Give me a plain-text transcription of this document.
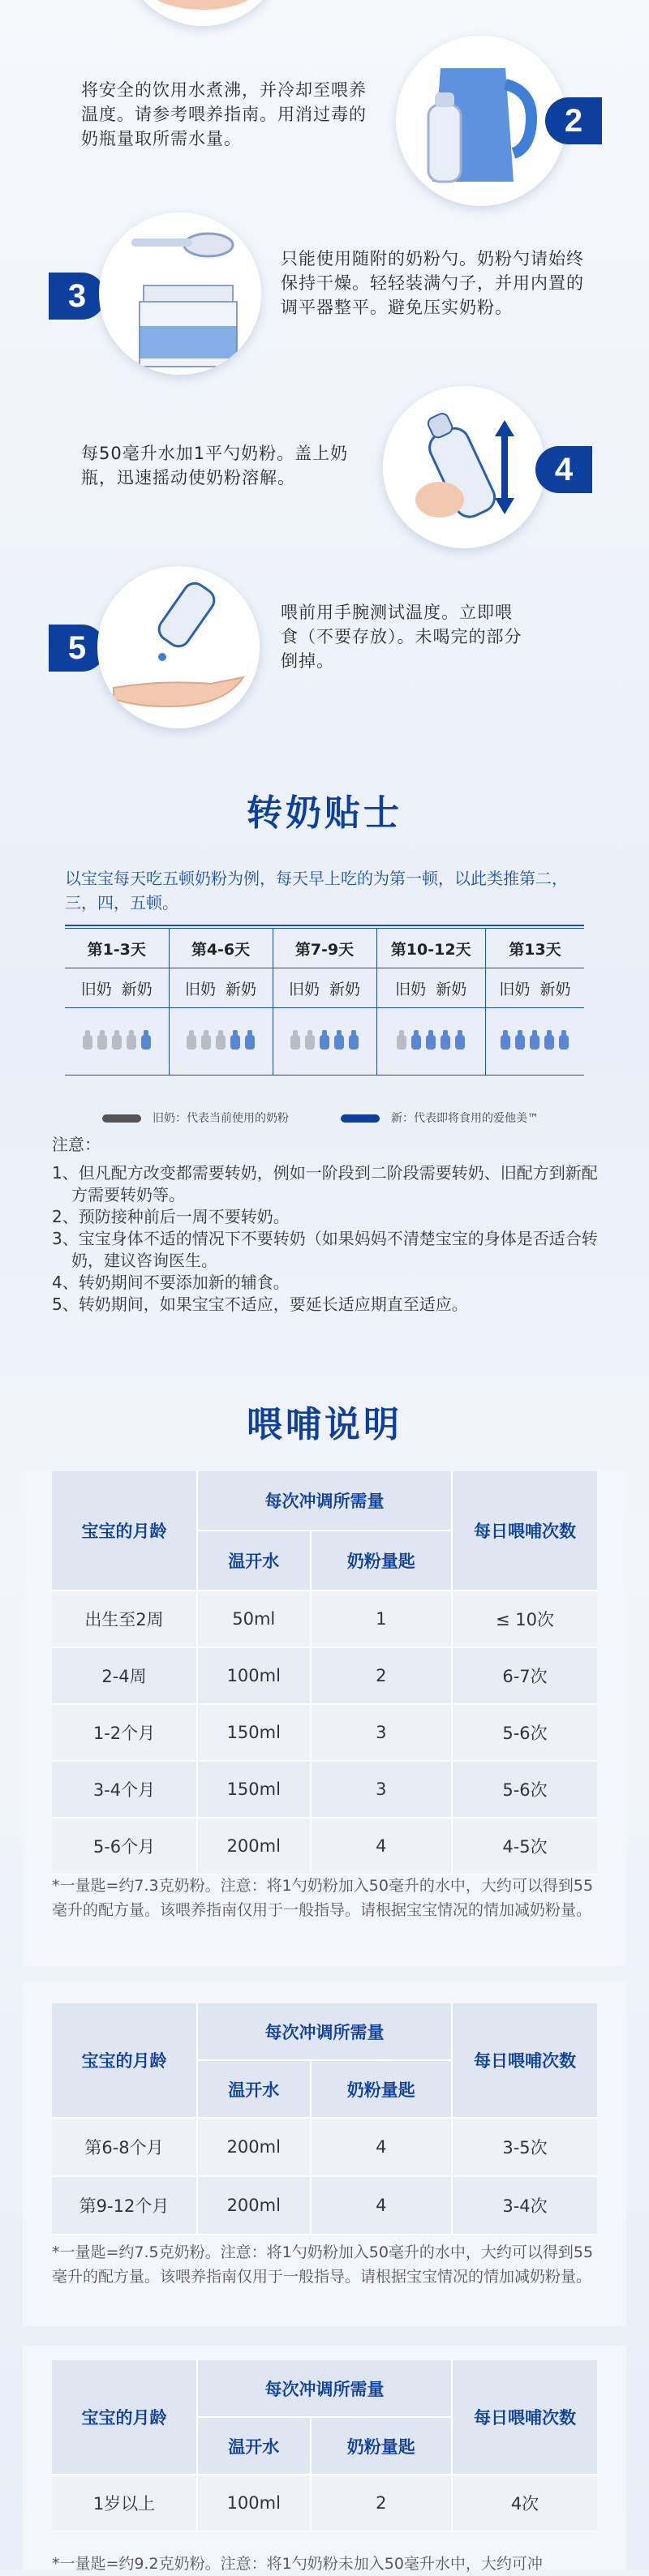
将安全的饮用水煮沸，并冷却至喂养温度。请参考喂养指南。用消过毒的奶瓶量取所需水量。
2
3
只能使用随附的奶粉勺。奶粉勺请始终保持干燥。轻轻装满勺子，并用内置的调平器整平。避免压实奶粉。
每50毫升水加1平勺奶粉。盖上奶瓶，迅速摇动使奶粉溶解。	4
5
喂前用手腕测试温度。立即喂食（不要存放）。未喝完的部分倒掉。
转奶贴士
以宝宝每天吃五顿奶粉为例，每天早上吃的为第一顿，以此类推第二，三，四，五顿。
第1-3天	第4-6天	第7-9天	第10-12天	第13天
旧奶 新奶	旧奶 新奶	旧奶 新奶	旧奶 新奶	旧奶 新奶

旧奶：代表当前使用的奶粉	新：代表即将食用的爱他美™
注意：
1、但凡配方改变都需要转奶，例如一阶段到二阶段需要转奶、旧配方到新配方需要转奶等。
2、预防接种前后一周不要转奶。
3、宝宝身体不适的情况下不要转奶（如果妈妈不清楚宝宝的身体是否适合转奶，建议咨询医生。
4、转奶期间不要添加新的辅食。
5、转奶期间，如果宝宝不适应，要延长适应期直至适应。
喂哺说明
宝宝的月龄	每次冲调所需量		每日喂哺次数
	温开水	奶粉量匙	
出生至2周	50ml	1	≤ 10次
2-4周	100ml	2	6-7次
1-2个月	150ml	3	5-6次
3-4个月	150ml	3	5-6次
5-6个月	200ml	4	4-5次
*一量匙=约7.3克奶粉。注意：将1勺奶粉加入50毫升的水中，大约可以得到55毫升的配方量。该喂养指南仅用于一般指导。请根据宝宝情况的情加减奶粉量。
宝宝的月龄	每次冲调所需量		每日喂哺次数
	温开水	奶粉量匙	
第6-8个月	200ml	4	3-5次
第9-12个月	200ml	4	3-4次
*一量匙=约7.5克奶粉。注意：将1勺奶粉加入50毫升的水中，大约可以得到55毫升的配方量。该喂养指南仅用于一般指导。请根据宝宝情况的情加减奶粉量。
宝宝的月龄	每次冲调所需量		每日喂哺次数
	温开水	奶粉量匙	
1岁以上	100ml	2	4次
*一量匙=约9.2克奶粉。注意：将1勺奶粉未加入50毫升水中，大约可冲
